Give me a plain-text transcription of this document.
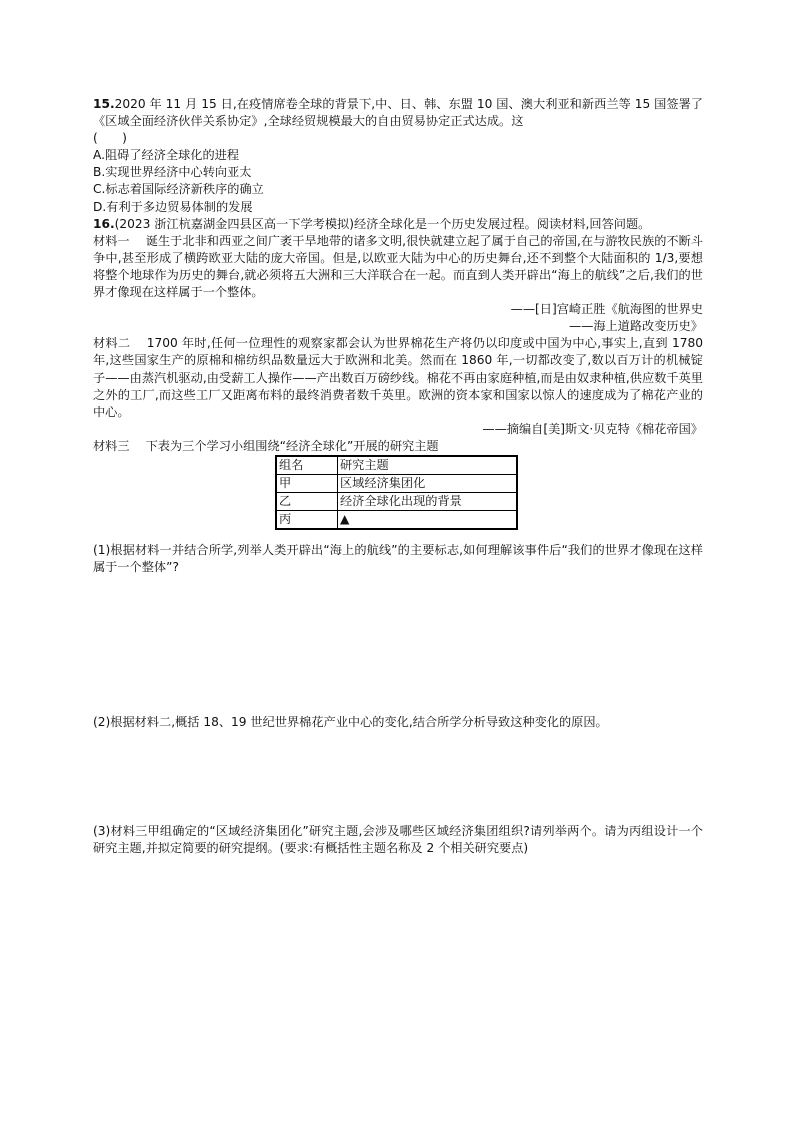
15.2020 年 11 月 15 日,在疫情席卷全球的背景下,中、日、韩、东盟 10 国、澳大利亚和新西兰等 15 国签署了《区域全面经济伙伴关系协定》,全球经贸规模最大的自由贸易协定正式达成。这

(　　)

A.阻碍了经济全球化的进程

B.实现世界经济中心转向亚太

C.标志着国际经济新秩序的确立

D.有利于多边贸易体制的发展

16.(2023 浙江杭嘉湖金四县区高一下学考模拟)经济全球化是一个历史发展过程。阅读材料,回答问题。

材料一  诞生于北非和西亚之间广袤干旱地带的诸多文明,很快就建立起了属于自己的帝国,在与游牧民族的不断斗争中,甚至形成了横跨欧亚大陆的庞大帝国。但是,以欧亚大陆为中心的历史舞台,还不到整个大陆面积的 1/3,要想将整个地球作为历史的舞台,就必须将五大洲和三大洋联合在一起。而直到人类开辟出“海上的航线”之后,我们的世界才像现在这样属于一个整体。

——[日]宫崎正胜《航海图的世界史

——海上道路改变历史》

材料二  1700 年时,任何一位理性的观察家都会认为世界棉花生产将仍以印度或中国为中心,事实上,直到 1780 年,这些国家生产的原棉和棉纺织品数量远大于欧洲和北美。然而在 1860 年,一切都改变了,数以百万计的机械锭子——由蒸汽机驱动,由受薪工人操作——产出数百万磅纱线。棉花不再由家庭种植,而是由奴隶种植,供应数千英里之外的工厂,而这些工厂又距离布料的最终消费者数千英里。欧洲的资本家和国家以惊人的速度成为了棉花产业的中心。

——摘编自[美]斯文·贝克特《棉花帝国》

材料三  下表为三个学习小组围绕“经济全球化”开展的研究主题

组名	研究主题
甲	区域经济集团化
乙	经济全球化出现的背景
丙	▲

(1)根据材料一并结合所学,列举人类开辟出“海上的航线”的主要标志,如何理解该事件后“我们的世界才像现在这样属于一个整体”?

(2)根据材料二,概括 18、19 世纪世界棉花产业中心的变化,结合所学分析导致这种变化的原因。

(3)材料三甲组确定的“区域经济集团化”研究主题,会涉及哪些区域经济集团组织?请列举两个。请为丙组设计一个研究主题,并拟定简要的研究提纲。(要求:有概括性主题名称及 2 个相关研究要点)
